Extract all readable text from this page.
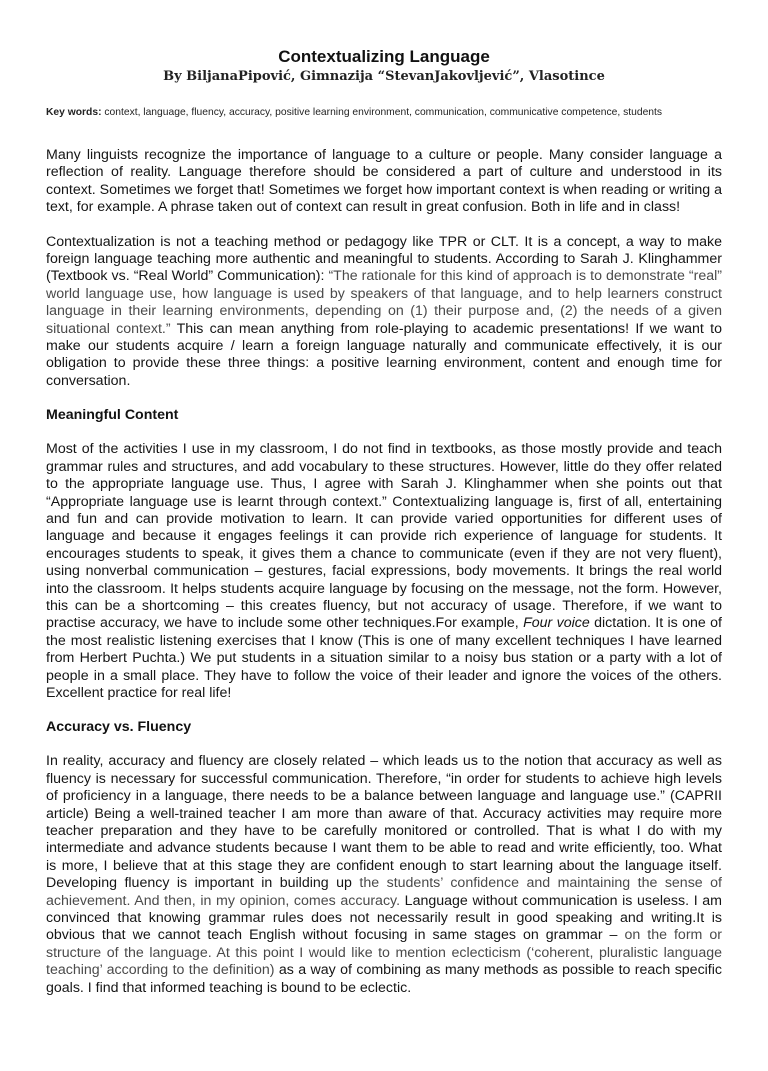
Contextualizing Language
By BiljanaPipović, Gimnazija “StevanJakovljević”, Vlasotince
Key words: context, language, fluency, accuracy, positive learning environment, communication, communicative competence, students

Many linguists recognize the importance of language to a culture or people. Many consider language a reflection of reality. Language therefore should be considered a part of culture and understood in its context. Sometimes we forget that! Sometimes we forget how important context is when reading or writing a text, for example. A phrase taken out of context can result in great confusion. Both in life and in class!

Contextualization is not a teaching method or pedagogy like TPR or CLT. It is a concept, a way to make foreign language teaching more authentic and meaningful to students. According to Sarah J. Klinghammer (Textbook vs. “Real World” Communication): “The rationale for this kind of approach is to demonstrate “real” world language use, how language is used by speakers of that language, and to help learners construct language in their learning environments, depending on (1) their purpose and, (2) the needs of a given situational context.” This can mean anything from role-playing to academic presentations! If we want to make our students acquire / learn a foreign language naturally and communicate effectively, it is our obligation to provide these three things: a positive learning environment, content and enough time for conversation.

Meaningful Content

Most of the activities I use in my classroom, I do not find in textbooks, as those mostly provide and teach grammar rules and structures, and add vocabulary to these structures. However, little do they offer related to the appropriate language use. Thus, I agree with Sarah J. Klinghammer when she points out that “Appropriate language use is learnt through context.” Contextualizing language is, first of all, entertaining and fun and can provide motivation to learn. It can provide varied opportunities for different uses of language and because it engages feelings it can provide rich experience of language for students. It encourages students to speak, it gives them a chance to communicate (even if they are not very fluent), using nonverbal communication – gestures, facial expressions, body movements. It brings the real world into the classroom. It helps students acquire language by focusing on the message, not the form. However, this can be a shortcoming – this creates fluency, but not accuracy of usage. Therefore, if we want to practise accuracy, we have to include some other techniques.For example, Four voice dictation. It is one of the most realistic listening exercises that I know (This is one of many excellent techniques I have learned from Herbert Puchta.) We put students in a situation similar to a noisy bus station or a party with a lot of people in a small place. They have to follow the voice of their leader and ignore the voices of the others. Excellent practice for real life!

Accuracy vs. Fluency

In reality, accuracy and fluency are closely related – which leads us to the notion that accuracy as well as fluency is necessary for successful communication. Therefore, “in order for students to achieve high levels of proficiency in a language, there needs to be a balance between language and language use.” (CAPRII article) Being a well-trained teacher I am more than aware of that. Accuracy activities may require more teacher preparation and they have to be carefully monitored or controlled. That is what I do with my intermediate and advance students because I want them to be able to read and write efficiently, too. What is more, I believe that at this stage they are confident enough to start learning about the language itself. Developing fluency is important in building up the students’ confidence and maintaining the sense of achievement. And then, in my opinion, comes accuracy. Language without communication is useless. I am convinced that knowing grammar rules does not necessarily result in good speaking and writing.It is obvious that we cannot teach English without focusing in same stages on grammar – on the form or structure of the language. At this point I would like to mention eclecticism (‘coherent, pluralistic language teaching’ according to the definition) as a way of combining as many methods as possible to reach specific goals. I find that informed teaching is bound to be eclectic.
